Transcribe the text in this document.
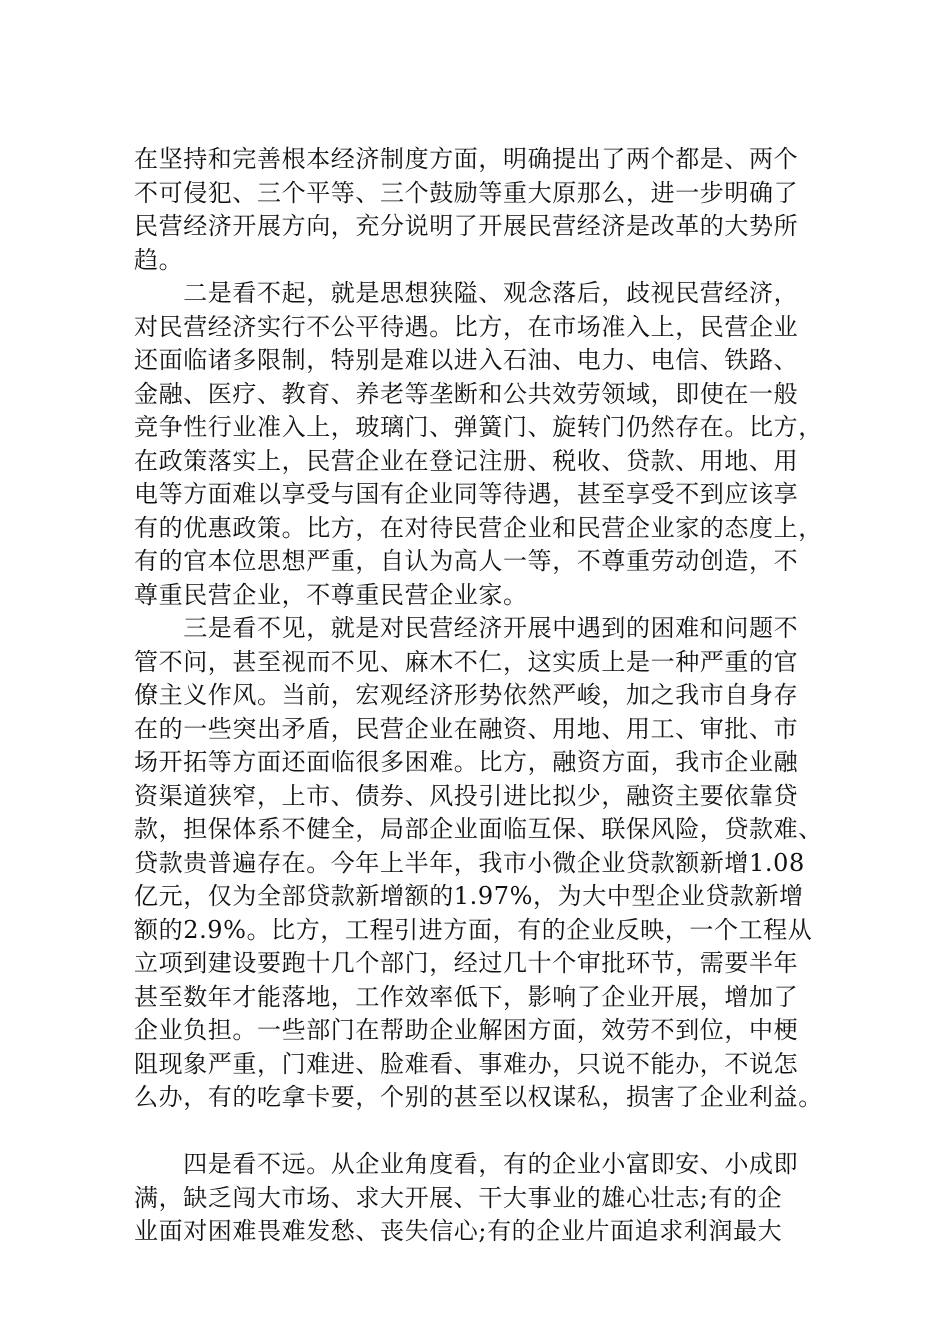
在坚持和完善根本经济制度方面，明确提出了两个都是、两个
不可侵犯、三个平等、三个鼓励等重大原那么，进一步明确了
民营经济开展方向，充分说明了开展民营经济是改革的大势所
趋。
　　二是看不起，就是思想狭隘、观念落后，歧视民营经济，
对民营经济实行不公平待遇。比方，在市场准入上，民营企业
还面临诸多限制，特别是难以进入石油、电力、电信、铁路、
金融、医疗、教育、养老等垄断和公共效劳领域，即使在一般
竞争性行业准入上，玻璃门、弹簧门、旋转门仍然存在。比方，
在政策落实上，民营企业在登记注册、税收、贷款、用地、用
电等方面难以享受与国有企业同等待遇，甚至享受不到应该享
有的优惠政策。比方，在对待民营企业和民营企业家的态度上，
有的官本位思想严重，自认为高人一等，不尊重劳动创造，不
尊重民营企业，不尊重民营企业家。
　　三是看不见，就是对民营经济开展中遇到的困难和问题不
管不问，甚至视而不见、麻木不仁，这实质上是一种严重的官
僚主义作风。当前，宏观经济形势依然严峻，加之我市自身存
在的一些突出矛盾，民营企业在融资、用地、用工、审批、市
场开拓等方面还面临很多困难。比方，融资方面，我市企业融
资渠道狭窄，上市、债券、风投引进比拟少，融资主要依靠贷
款，担保体系不健全，局部企业面临互保、联保风险，贷款难、
贷款贵普遍存在。今年上半年，我市小微企业贷款额新增1.08
亿元，仅为全部贷款新增额的1.97%，为大中型企业贷款新增
额的2.9%。比方，工程引进方面，有的企业反映，一个工程从
立项到建设要跑十几个部门，经过几十个审批环节，需要半年
甚至数年才能落地，工作效率低下，影响了企业开展，增加了
企业负担。一些部门在帮助企业解困方面，效劳不到位，中梗
阻现象严重，门难进、脸难看、事难办，只说不能办，不说怎
么办，有的吃拿卡要，个别的甚至以权谋私，损害了企业利益。
　　四是看不远。从企业角度看，有的企业小富即安、小成即
满，缺乏闯大市场、求大开展、干大事业的雄心壮志;有的企
业面对困难畏难发愁、丧失信心;有的企业片面追求利润最大
